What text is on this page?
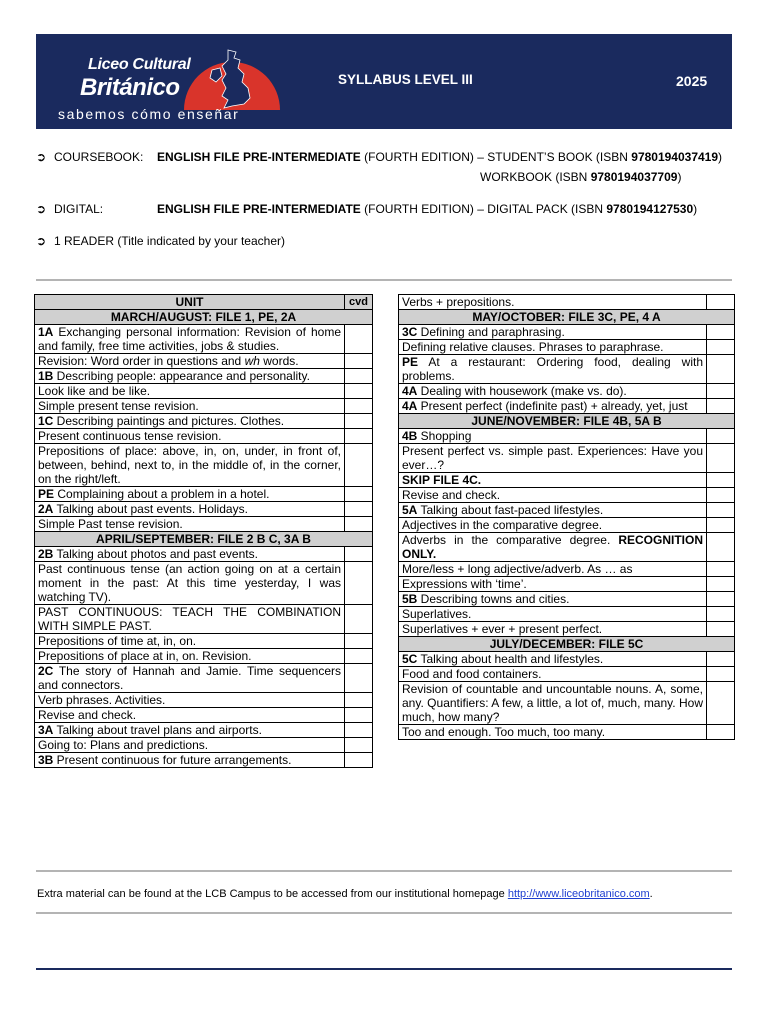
Liceo Cultural
Británico
sabemos cómo enseñar
SYLLABUS LEVEL III	2025
➲ COURSEBOOK: ENGLISH FILE PRE-INTERMEDIATE (FOURTH EDITION) – STUDENT’S BOOK (ISBN 9780194037419)
WORKBOOK (ISBN 9780194037709)
➲ DIGITAL:	ENGLISH FILE PRE-INTERMEDIATE (FOURTH EDITION) – DIGITAL PACK (ISBN 9780194127530)
➲ 1 READER (Title indicated by your teacher)
UNIT	cvd
MARCH/AUGUST: FILE 1, PE, 2A	
1A Exchanging personal information: Revision of home and family, free time activities, jobs & studies.	
Revision: Word order in questions and wh words.	
1B Describing people: appearance and personality.	
Look like and be like.	
Simple present tense revision.	
1C Describing paintings and pictures. Clothes.	
Present continuous tense revision.	
Prepositions of place: above, in, on, under, in front of, between, behind, next to, in the middle of, in the corner, on the right/left.	
PE Complaining about a problem in a hotel.	
2A Talking about past events. Holidays.	
Simple Past tense revision.	
APRIL/SEPTEMBER: FILE 2 B C, 3A B	
2B Talking about photos and past events.	
Past continuous tense (an action going on at a certain moment in the past: At this time yesterday, I was watching TV).	
PAST CONTINUOUS: TEACH THE COMBINATION WITH SIMPLE PAST.	
Prepositions of time at, in, on.	
Prepositions of place at in, on. Revision.	
2C The story of Hannah and Jamie. Time sequencers and connectors.	
Verb phrases. Activities.	
Revise and check.	
3A Talking about travel plans and airports.	
Going to: Plans and predictions.	
3B Present continuous for future arrangements.	
Verbs + prepositions.	
MAY/OCTOBER: FILE 3C, PE, 4 A	
3C Defining and paraphrasing.	
Defining relative clauses. Phrases to paraphrase.	
PE At a restaurant: Ordering food, dealing with problems.	
4A Dealing with housework (make vs. do).	
4A Present perfect (indefinite past) + already, yet, just	
JUNE/NOVEMBER: FILE 4B, 5A B	
4B Shopping	
Present perfect vs. simple past. Experiences: Have you ever…?	
SKIP FILE 4C.	
Revise and check.	
5A Talking about fast-paced lifestyles.	
Adjectives in the comparative degree.	
Adverbs in the comparative degree. RECOGNITION ONLY.	
More/less + long adjective/adverb. As … as	
Expressions with ‘time’.	
5B Describing towns and cities.	
Superlatives.	
Superlatives + ever + present perfect.	
JULY/DECEMBER: FILE 5C	
5C Talking about health and lifestyles.	
Food and food containers.	
Revision of countable and uncountable nouns. A, some, any. Quantifiers: A few, a little, a lot of, much, many. How much, how many?	
Too and enough. Too much, too many.	
Extra material can be found at the LCB Campus to be accessed from our institutional homepage http://www.liceobritanico.com.
